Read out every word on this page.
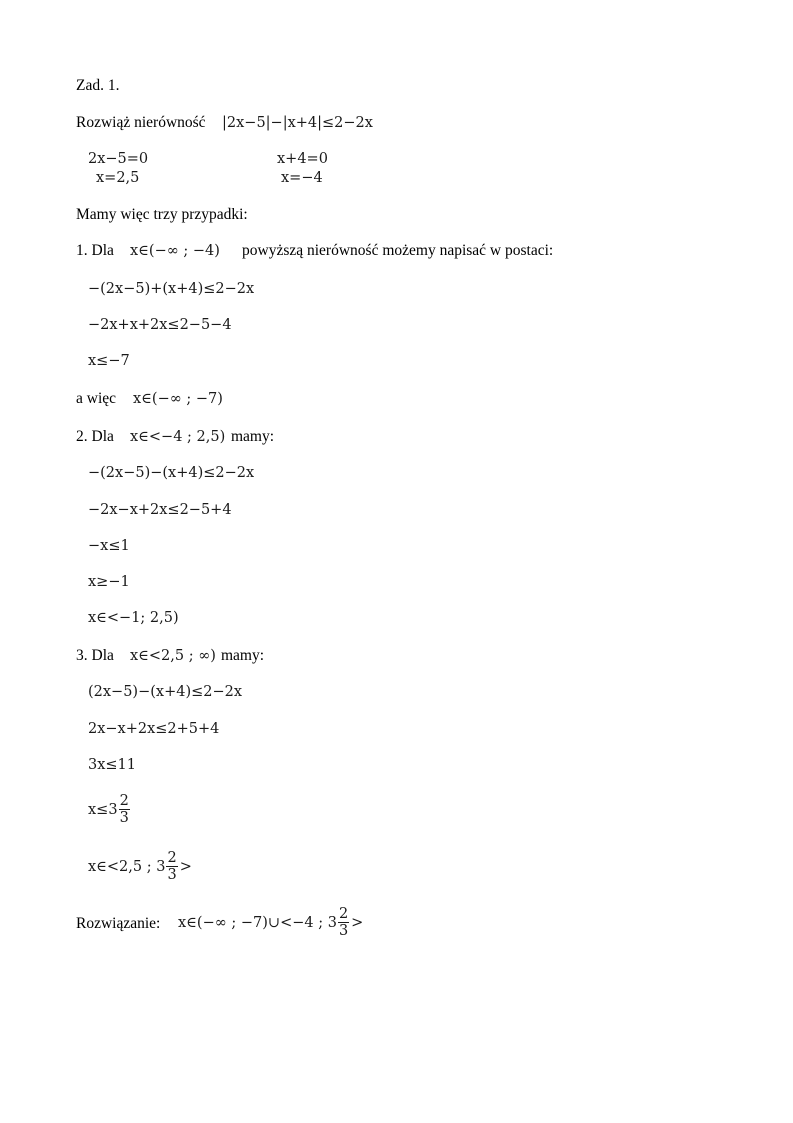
Zad. 1.
Rozwiąż nierówność |2x−5|−|x+4|≤2−2x
2x−5=0
x=2,5
x+4=0
x=−4
Mamy więc trzy przypadki:
1. Dla x∈(−∞ ; −4) powyższą nierówność możemy napisać w postaci:
−(2x−5)+(x+4)≤2−2x
−2x+x+2x≤2−5−4
x≤−7
a więc x∈(−∞ ; −7)
2. Dla x∈<−4 ; 2,5) mamy:
−(2x−5)−(x+4)≤2−2x
−2x−x+2x≤2−5+4
−x≤1
x≥−1
x∈<−1; 2,5)
3. Dla x∈<2,5 ; ∞) mamy:
(2x−5)−(x+4)≤2−2x
2x−x+2x≤2+5+4
3x≤11
$x\le 3 \frac{2}{3}$
x∈<2,5 ; $3 \frac{2}{3}$ >
Rozwiązanie: x∈(−∞ ; −7)∪<−4 ; $3 \frac{2}{3}$ >
